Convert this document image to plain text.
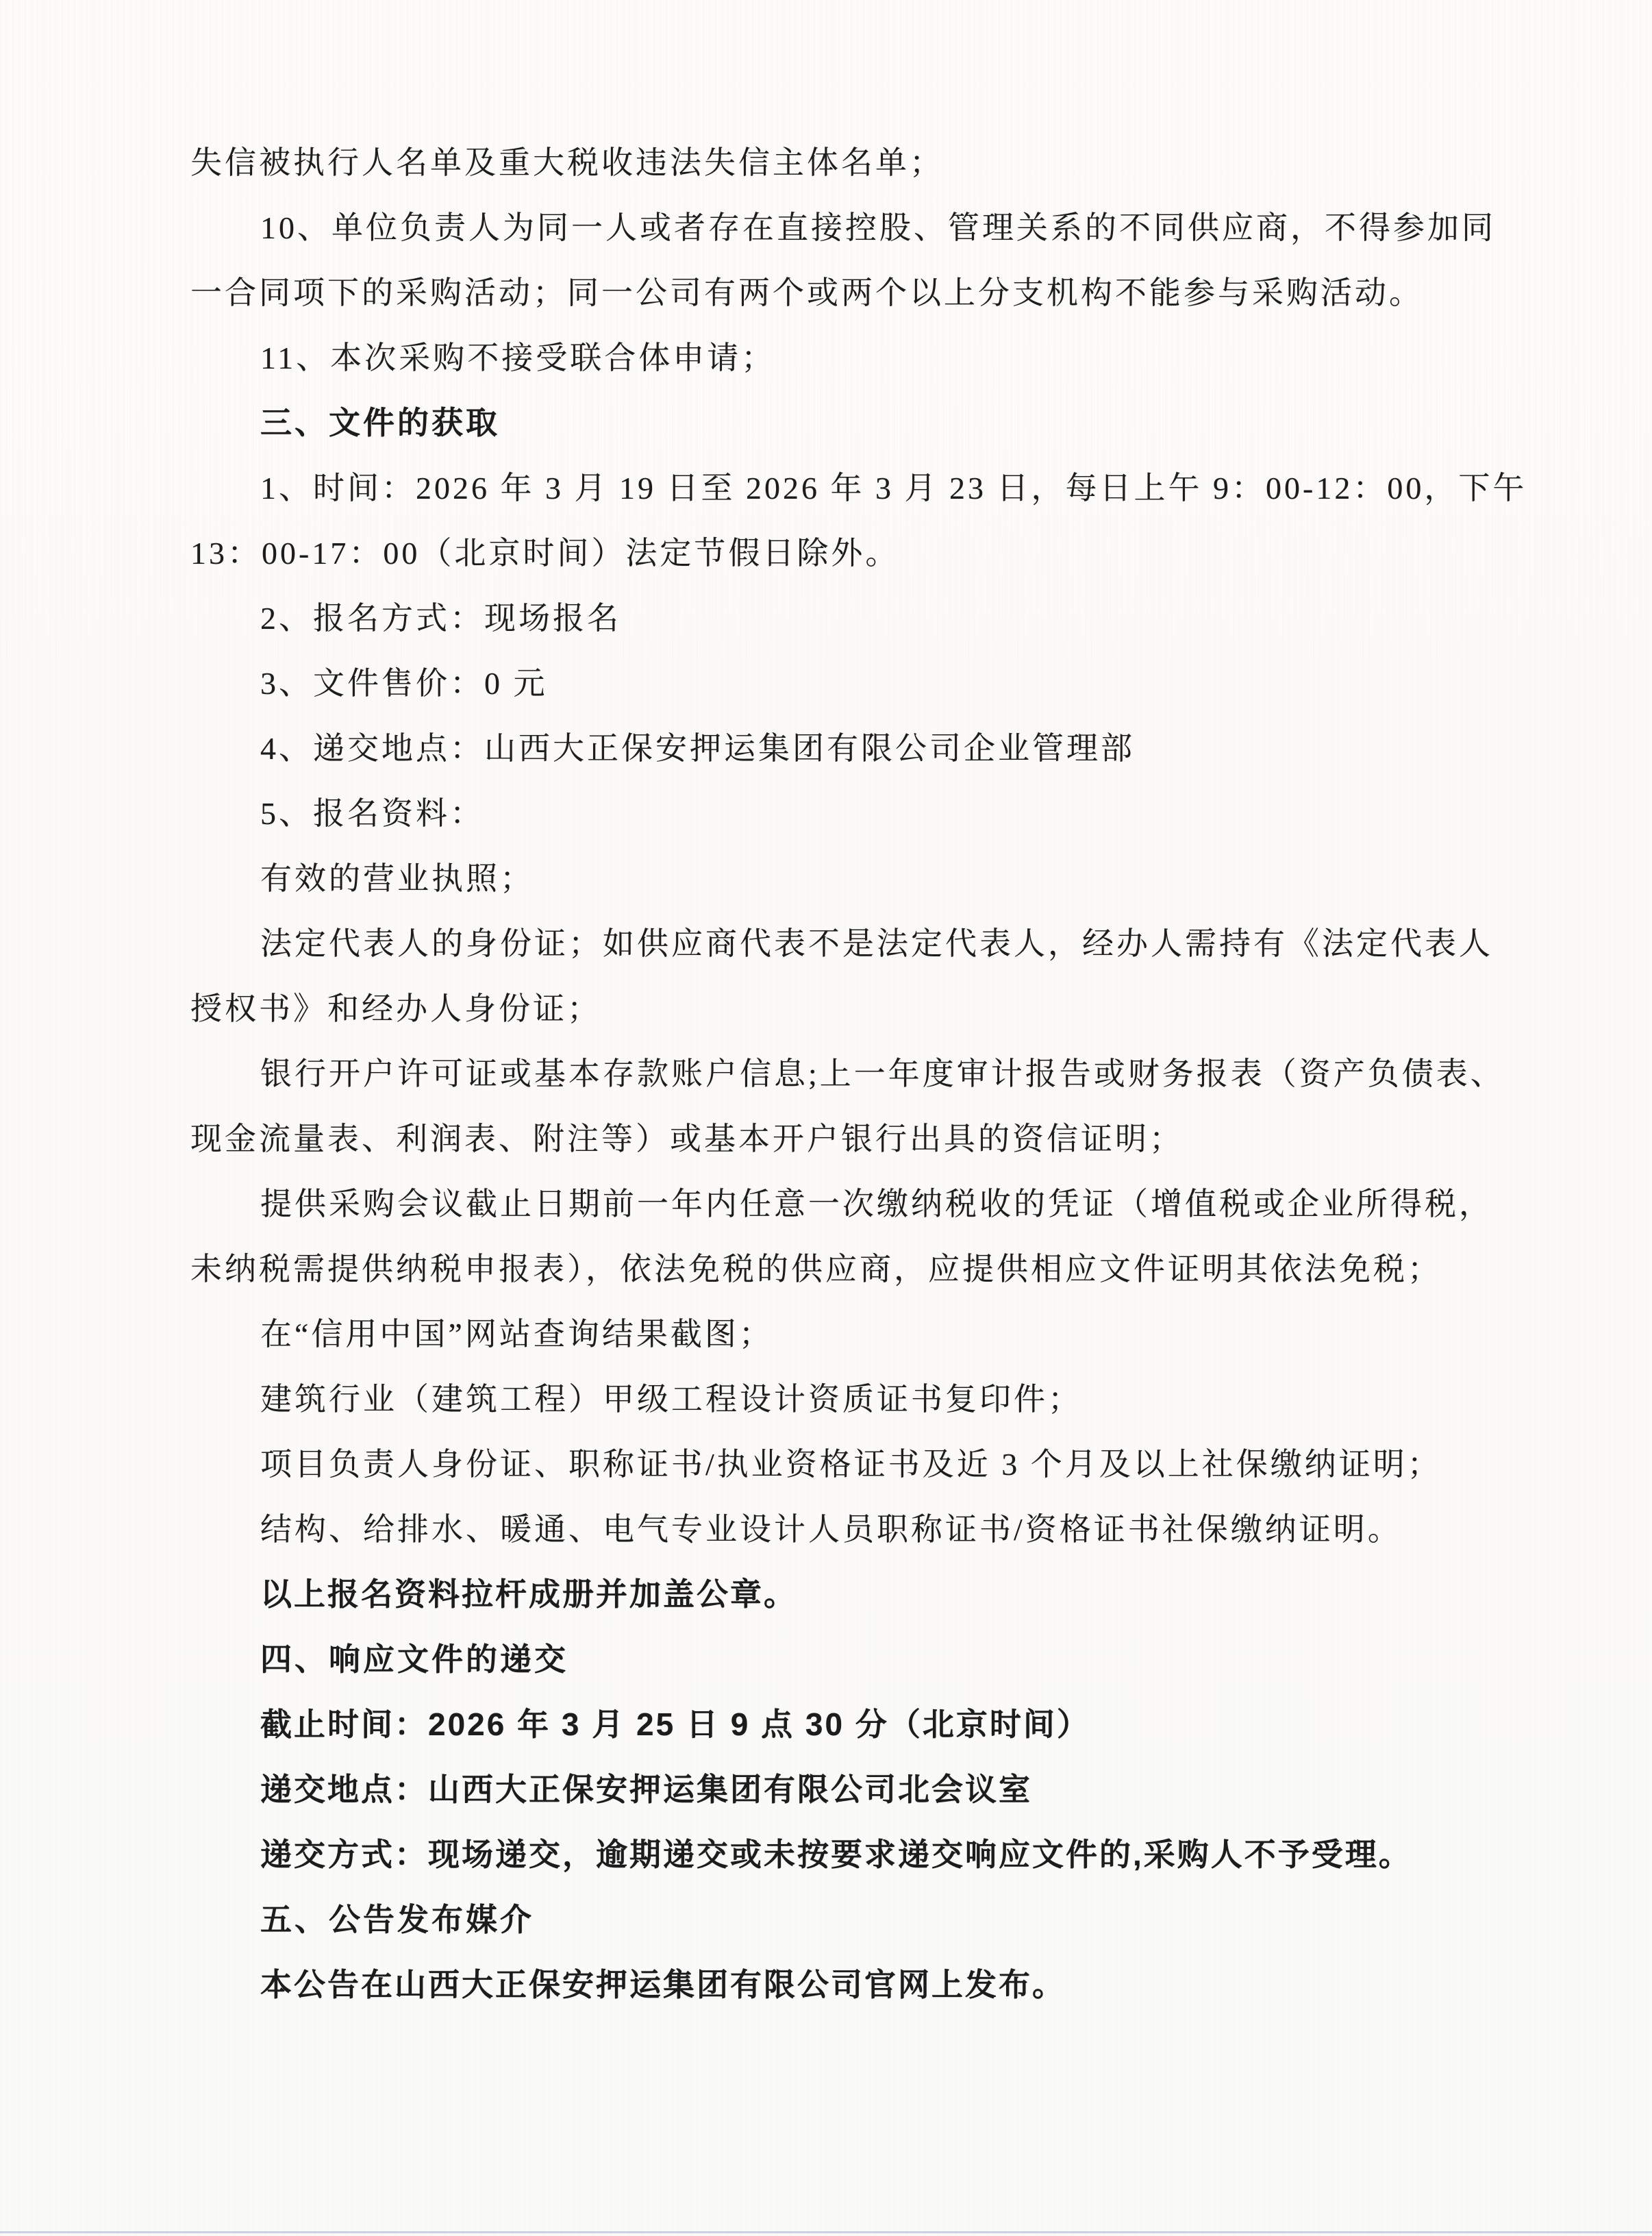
失信被执行人名单及重大税收违法失信主体名单；
10、单位负责人为同一人或者存在直接控股、管理关系的不同供应商，不得参加同
一合同项下的采购活动；同一公司有两个或两个以上分支机构不能参与采购活动。
11、本次采购不接受联合体申请；
三、文件的获取
1、时间：2026 年 3 月 19 日至 2026 年 3 月 23 日，每日上午 9：00-12：00，下午
13：00-17：00（北京时间）法定节假日除外。
2、报名方式：现场报名
3、文件售价：0 元
4、递交地点：山西大正保安押运集团有限公司企业管理部
5、报名资料：
有效的营业执照；
法定代表人的身份证；如供应商代表不是法定代表人，经办人需持有《法定代表人
授权书》和经办人身份证；
银行开户许可证或基本存款账户信息;上一年度审计报告或财务报表（资产负债表、
现金流量表、利润表、附注等）或基本开户银行出具的资信证明；
提供采购会议截止日期前一年内任意一次缴纳税收的凭证（增值税或企业所得税，
未纳税需提供纳税申报表），依法免税的供应商，应提供相应文件证明其依法免税；
在“信用中国”网站查询结果截图；
建筑行业（建筑工程）甲级工程设计资质证书复印件；
项目负责人身份证、职称证书/执业资格证书及近 3 个月及以上社保缴纳证明；
结构、给排水、暖通、电气专业设计人员职称证书/资格证书社保缴纳证明。
以上报名资料拉杆成册并加盖公章。
四、响应文件的递交
截止时间：2026 年 3 月 25 日 9 点 30 分（北京时间）
递交地点：山西大正保安押运集团有限公司北会议室
递交方式：现场递交，逾期递交或未按要求递交响应文件的,采购人不予受理。
五、公告发布媒介
本公告在山西大正保安押运集团有限公司官网上发布。
